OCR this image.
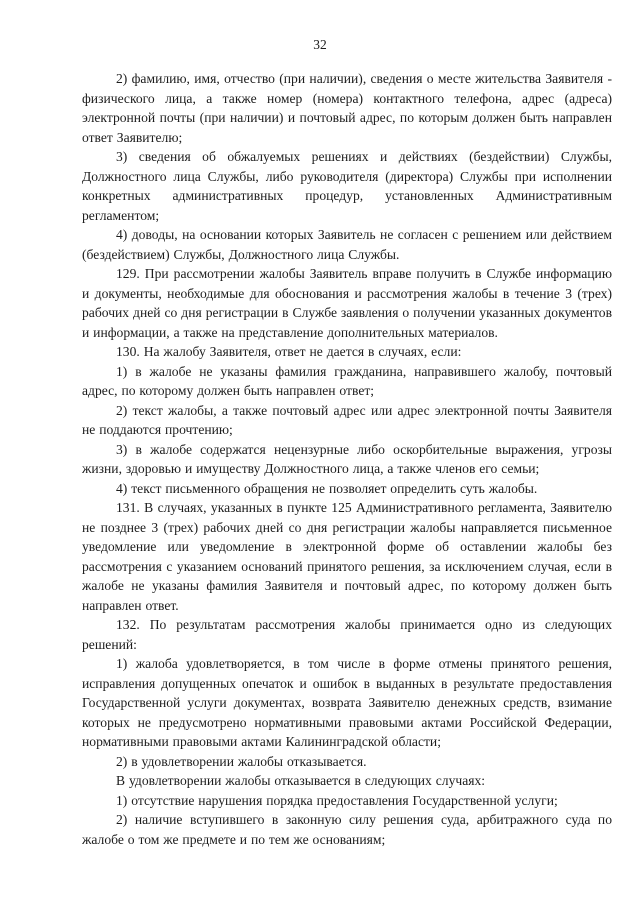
32

2) фамилию, имя, отчество (при наличии), сведения о месте жительства Заявителя - физического лица, а также номер (номера) контактного телефона, адрес (адреса) электронной почты (при наличии) и почтовый адрес, по которым должен быть направлен ответ Заявителю;

3) сведения об обжалуемых решениях и действиях (бездействии) Службы, Должностного лица Службы, либо руководителя (директора) Службы при исполнении конкретных административных процедур, установленных Административным регламентом;

4) доводы, на основании которых Заявитель не согласен с решением или действием (бездействием) Службы, Должностного лица Службы.

129. При рассмотрении жалобы Заявитель вправе получить в Службе информацию и документы, необходимые для обоснования и рассмотрения жалобы в течение 3 (трех) рабочих дней со дня регистрации в Службе заявления о получении указанных документов и информации, а также на представление дополнительных материалов.

130. На жалобу Заявителя, ответ не дается в случаях, если:

1) в жалобе не указаны фамилия гражданина, направившего жалобу, почтовый адрес, по которому должен быть направлен ответ;

2) текст жалобы, а также почтовый адрес или адрес электронной почты Заявителя не поддаются прочтению;

3) в жалобе содержатся нецензурные либо оскорбительные выражения, угрозы жизни, здоровью и имуществу Должностного лица, а также членов его семьи;

4) текст письменного обращения не позволяет определить суть жалобы.

131. В случаях, указанных в пункте 125 Административного регламента, Заявителю не позднее 3 (трех) рабочих дней со дня регистрации жалобы направляется письменное уведомление или уведомление в электронной форме об оставлении жалобы без рассмотрения с указанием оснований принятого решения, за исключением случая, если в жалобе не указаны фамилия Заявителя и почтовый адрес, по которому должен быть направлен ответ.

132. По результатам рассмотрения жалобы принимается одно из следующих решений:

1) жалоба удовлетворяется, в том числе в форме отмены принятого решения, исправления допущенных опечаток и ошибок в выданных в результате предоставления Государственной услуги документах, возврата Заявителю денежных средств, взимание которых не предусмотрено нормативными правовыми актами Российской Федерации, нормативными правовыми актами Калининградской области;

2) в удовлетворении жалобы отказывается.

В удовлетворении жалобы отказывается в следующих случаях:

1) отсутствие нарушения порядка предоставления Государственной услуги;

2) наличие вступившего в законную силу решения суда, арбитражного суда по жалобе о том же предмете и по тем же основаниям;
